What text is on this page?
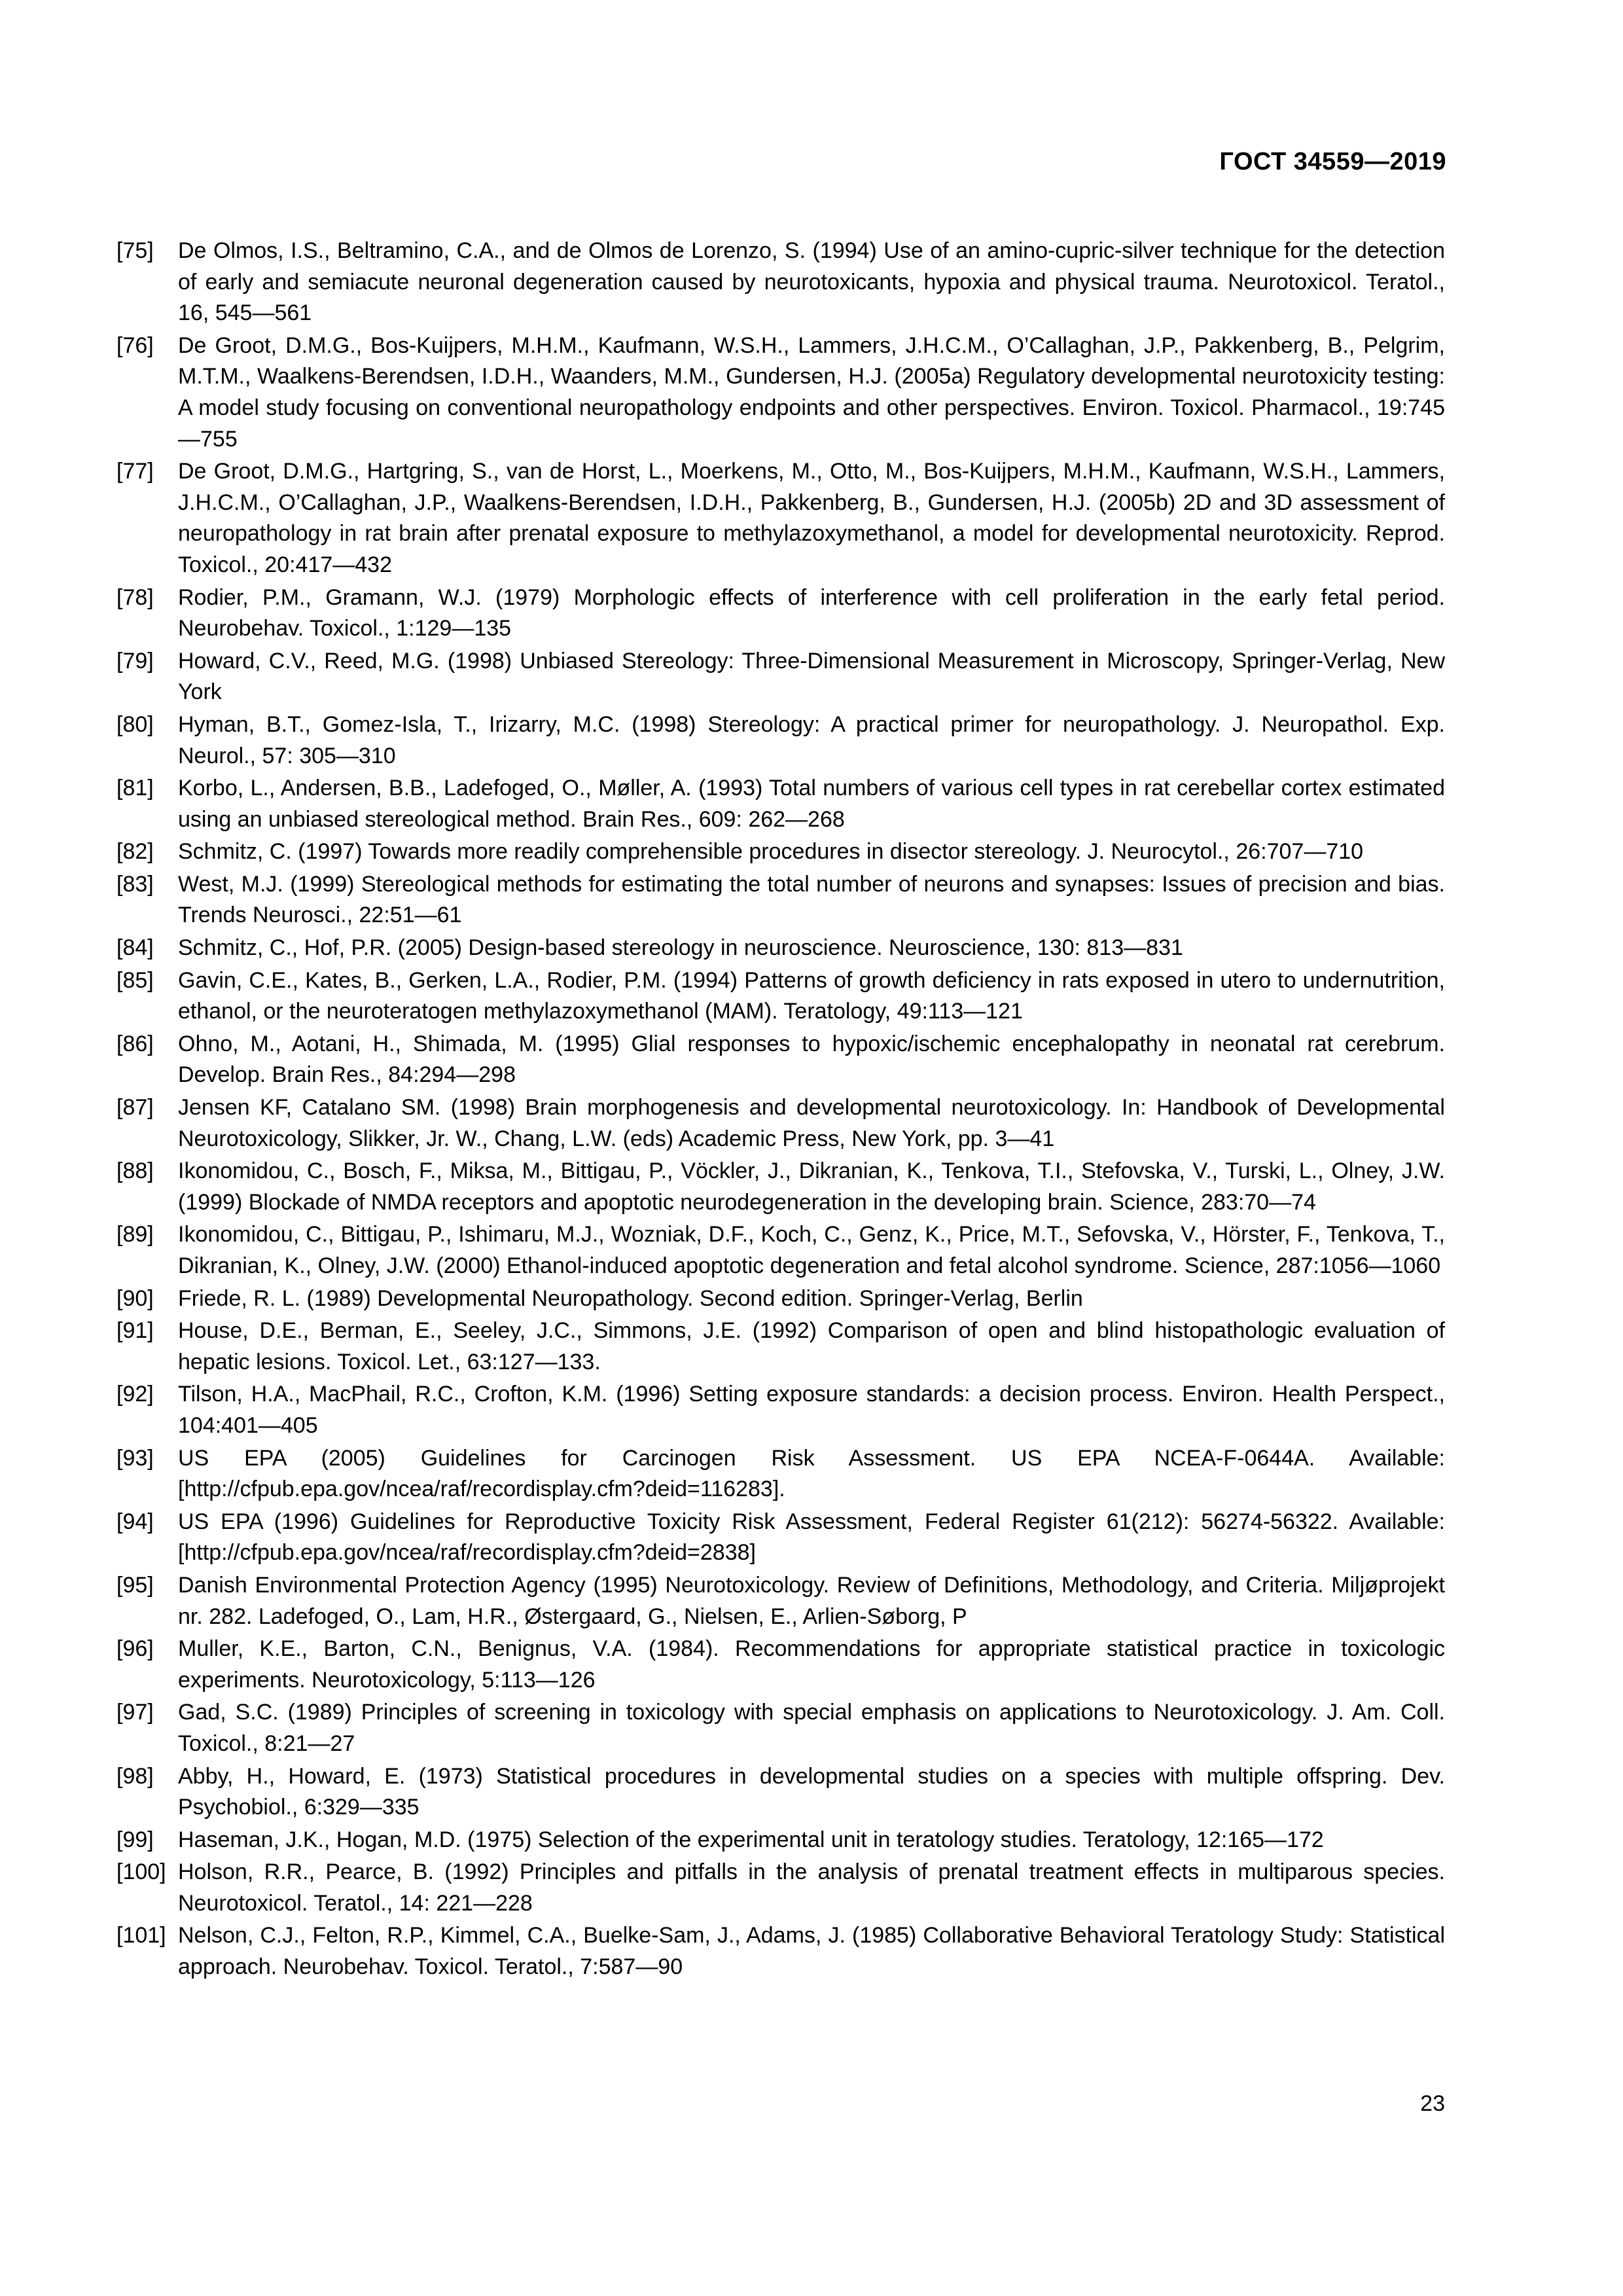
ГОСТ 34559—2019
[75] De Olmos, I.S., Beltramino, C.A., and de Olmos de Lorenzo, S. (1994) Use of an amino-cupric-silver technique for the detection of early and semiacute neuronal degeneration caused by neurotoxicants, hypoxia and physical trauma. Neurotoxicol. Teratol., 16, 545—561
[76] De Groot, D.M.G., Bos-Kuijpers, M.H.M., Kaufmann, W.S.H., Lammers, J.H.C.M., O’Callaghan, J.P., Pakkenberg, B., Pelgrim, M.T.M., Waalkens-Berendsen, I.D.H., Waanders, M.M., Gundersen, H.J. (2005a) Regulatory developmental neurotoxicity testing: A model study focusing on conventional neuropathology endpoints and other perspectives. Environ. Toxicol. Pharmacol., 19:745—755
[77] De Groot, D.M.G., Hartgring, S., van de Horst, L., Moerkens, M., Otto, M., Bos-Kuijpers, M.H.M., Kaufmann, W.S.H., Lammers, J.H.C.M., O’Callaghan, J.P., Waalkens-Berendsen, I.D.H., Pakkenberg, B., Gundersen, H.J. (2005b) 2D and 3D assessment of neuropathology in rat brain after prenatal exposure to methylazoxymethanol, a model for developmental neurotoxicity. Reprod. Toxicol., 20:417—432
[78] Rodier, P.M., Gramann, W.J. (1979) Morphologic effects of interference with cell proliferation in the early fetal period. Neurobehav. Toxicol., 1:129—135
[79] Howard, C.V., Reed, M.G. (1998) Unbiased Stereology: Three-Dimensional Measurement in Microscopy, Springer-Verlag, New York
[80] Hyman, B.T., Gomez-Isla, T., Irizarry, M.C. (1998) Stereology: A practical primer for neuropathology. J. Neuropathol. Exp. Neurol., 57: 305—310
[81] Korbo, L., Andersen, B.B., Ladefoged, O., Møller, A. (1993) Total numbers of various cell types in rat cerebellar cortex estimated using an unbiased stereological method. Brain Res., 609: 262—268
[82] Schmitz, C. (1997) Towards more readily comprehensible procedures in disector stereology. J. Neurocytol., 26:707—710
[83] West, M.J. (1999) Stereological methods for estimating the total number of neurons and synapses: Issues of precision and bias. Trends Neurosci., 22:51—61
[84] Schmitz, C., Hof, P.R. (2005) Design-based stereology in neuroscience. Neuroscience, 130: 813—831
[85] Gavin, C.E., Kates, B., Gerken, L.A., Rodier, P.M. (1994) Patterns of growth deficiency in rats exposed in utero to undernutrition, ethanol, or the neuroteratogen methylazoxymethanol (MAM). Teratology, 49:113—121
[86] Ohno, M., Aotani, H., Shimada, M. (1995) Glial responses to hypoxic/ischemic encephalopathy in neonatal rat cerebrum. Develop. Brain Res., 84:294—298
[87] Jensen KF, Catalano SM. (1998) Brain morphogenesis and developmental neurotoxicology. In: Handbook of Developmental Neurotoxicology, Slikker, Jr. W., Chang, L.W. (eds) Academic Press, New York, pp. 3—41
[88] Ikonomidou, C., Bosch, F., Miksa, M., Bittigau, P., Vöckler, J., Dikranian, K., Tenkova, T.I., Stefovska, V., Turski, L., Olney, J.W. (1999) Blockade of NMDA receptors and apoptotic neurodegeneration in the developing brain. Science, 283:70—74
[89] Ikonomidou, C., Bittigau, P., Ishimaru, M.J., Wozniak, D.F., Koch, C., Genz, K., Price, M.T., Sefovska, V., Hörster, F., Tenkova, T., Dikranian, K., Olney, J.W. (2000) Ethanol-induced apoptotic degeneration and fetal alcohol syndrome. Science, 287:1056—1060
[90] Friede, R. L. (1989) Developmental Neuropathology. Second edition. Springer-Verlag, Berlin
[91] House, D.E., Berman, E., Seeley, J.C., Simmons, J.E. (1992) Comparison of open and blind histopathologic evaluation of hepatic lesions. Toxicol. Let., 63:127—133.
[92] Tilson, H.A., MacPhail, R.C., Crofton, K.M. (1996) Setting exposure standards: a decision process. Environ. Health Perspect., 104:401—405
[93] US EPA (2005) Guidelines for Carcinogen Risk Assessment. US EPA NCEA-F-0644A. Available: [http://cfpub.epa.gov/ncea/raf/recordisplay.cfm?deid=116283].
[94] US EPA (1996) Guidelines for Reproductive Toxicity Risk Assessment, Federal Register 61(212): 56274-56322. Available: [http://cfpub.epa.gov/ncea/raf/recordisplay.cfm?deid=2838]
[95] Danish Environmental Protection Agency (1995) Neurotoxicology. Review of Definitions, Methodology, and Criteria. Miljøprojekt nr. 282. Ladefoged, O., Lam, H.R., Østergaard, G., Nielsen, E., Arlien-Søborg, P
[96] Muller, K.E., Barton, C.N., Benignus, V.A. (1984). Recommendations for appropriate statistical practice in toxicologic experiments. Neurotoxicology, 5:113—126
[97] Gad, S.C. (1989) Principles of screening in toxicology with special emphasis on applications to Neurotoxicology. J. Am. Coll. Toxicol., 8:21—27
[98] Abby, H., Howard, E. (1973) Statistical procedures in developmental studies on a species with multiple offspring. Dev. Psychobiol., 6:329—335
[99] Haseman, J.K., Hogan, M.D. (1975) Selection of the experimental unit in teratology studies. Teratology, 12:165—172
[100] Holson, R.R., Pearce, B. (1992) Principles and pitfalls in the analysis of prenatal treatment effects in multiparous species. Neurotoxicol. Teratol., 14: 221—228
[101] Nelson, C.J., Felton, R.P., Kimmel, C.A., Buelke-Sam, J., Adams, J. (1985) Collaborative Behavioral Teratology Study: Statistical approach. Neurobehav. Toxicol. Teratol., 7:587—90
23
